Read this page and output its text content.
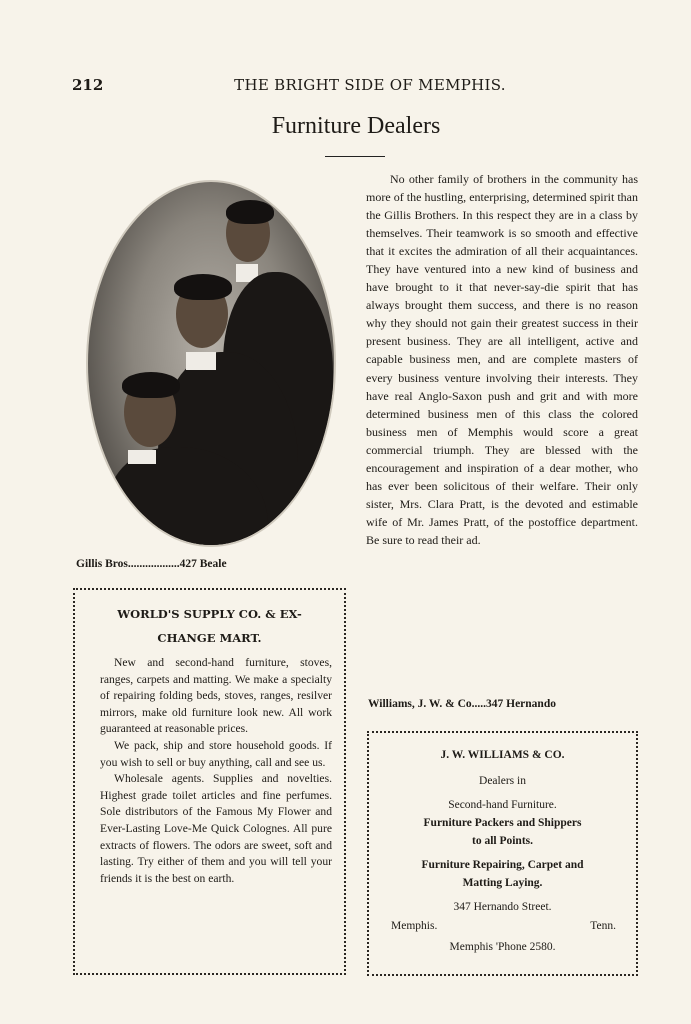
212	THE BRIGHT SIDE OF MEMPHIS.
Furniture Dealers
Gillis Bros..................427 Beale
WORLD'S SUPPLY CO. & EX-
CHANGE MART.

New and second-hand furniture, stoves, ranges, carpets and matting. We make a specialty of repairing folding beds, stoves, ranges, resilver mirrors, make old furniture look new. All work guaranteed at reasonable prices.

We pack, ship and store household goods. If you wish to sell or buy anything, call and see us.

Wholesale agents. Supplies and novelties. Highest grade toilet articles and fine perfumes. Sole distributors of the Famous My Flower and Ever-Lasting Love-Me Quick Colognes. All pure extracts of flowers. The odors are sweet, soft and lasting. Try either of them and you will tell your friends it is the best on earth.

No other family of brothers in the community has more of the hustling, enterprising, determined spirit than the Gillis Brothers. In this respect they are in a class by themselves. Their teamwork is so smooth and effective that it excites the admiration of all their acquaintances. They have ventured into a new kind of business and have brought to it that never-say-die spirit that has always brought them success, and there is no reason why they should not gain their greatest success in their present business. They are all intelligent, active and capable business men, and are complete masters of every business venture involving their interests. They have real Anglo-Saxon push and grit and with more determined business men of this class the colored business men of Memphis would score a great commercial triumph. They are blessed with the encouragement and inspiration of a dear mother, who has ever been solicitous of their welfare. Their only sister, Mrs. Clara Pratt, is the devoted and estimable wife of Mr. James Pratt, of the postoffice department. Be sure to read their ad.
Williams, J. W. & Co.....347 Hernando
J. W. WILLIAMS & CO.
Dealers in
Second-hand Furniture.
Furniture Packers and Shippers
to all Points.
Furniture Repairing, Carpet and
Matting Laying.
347 Hernando Street.
Memphis.	Tenn.
Memphis 'Phone 2580.
